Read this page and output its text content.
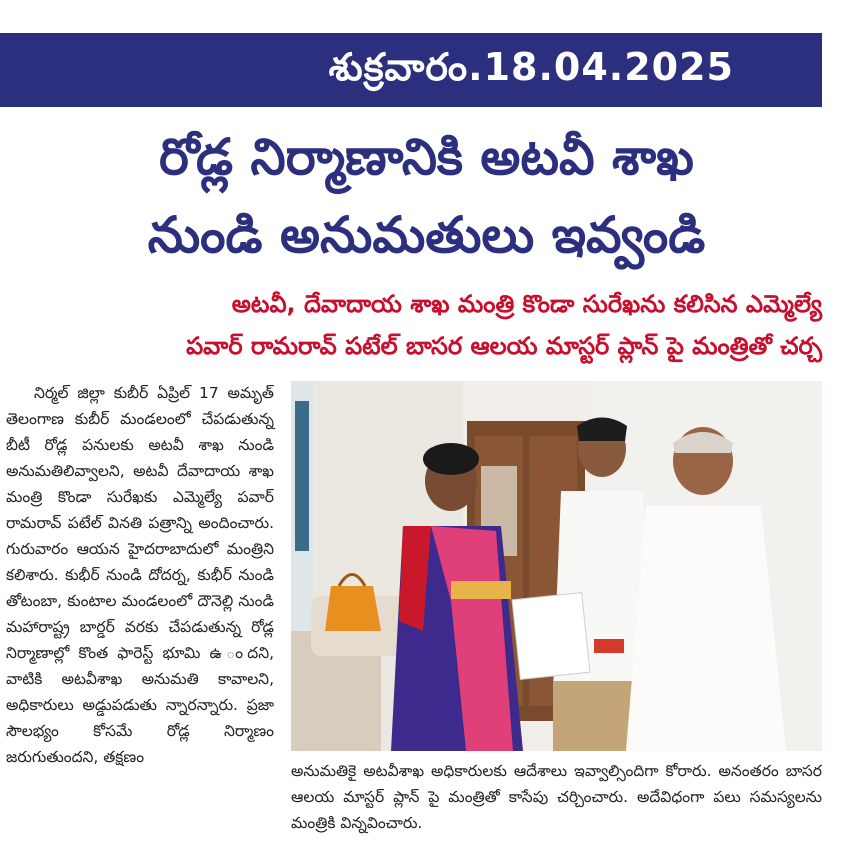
శుక్రవారం.18.04.2025
రోడ్ల నిర్మాణానికి అటవీ శాఖ
నుండి అనుమతులు ఇవ్వండి
అటవీ, దేవాదాయ శాఖ మంత్రి కొండా సురేఖను కలిసిన ఎమ్మెల్యే
పవార్ రామరావ్ పటేల్ బాసర ఆలయ మాస్టర్ ప్లాన్ పై మంత్రితో చర్చ

నిర్మల్ జిల్లా కుబీర్ ఏప్రిల్ 17 అమృత్ తెలంగాణ కుబీర్ మండలంలో చేపడుతున్న బీటీ రోడ్ల పనులకు అటవీ శాఖ నుండి అనుమతిలివ్వాలని, అటవీ దేవాదాయ శాఖ మంత్రి కొండా సురేఖకు ఎమ్మెల్యే పవార్ రామరావ్ పటేల్ వినతి పత్రాన్ని అందించారు. గురువారం ఆయన హైదరాబాదులో మంత్రిని కలిశారు. కుభీర్ నుండి దోదర్న, కుభీర్ నుండి తోటంబా, కుంటాల మండలంలో దౌనెల్లి నుండి మహారాష్ట్ర బార్డర్ వరకు చేపడుతున్న రోడ్ల నిర్మాణాల్లో కొంత ఫారెస్ట్ భూమి ఉ ందని, వాటికి అటవీశాఖ అనుమతి కావాలని, అధికారులు అడ్డుపడుతు న్నారన్నారు. ప్రజా సౌలభ్యం కోసమే రోడ్ల నిర్మాణం జరుగుతుందని, తక్షణం

అనుమతికై అటవీశాఖ అధికారులకు ఆదేశాలు ఇవ్వాల్సిందిగా కోరారు. అనంతరం బాసర ఆలయ మాస్టర్ ప్లాన్ పై మంత్రితో కాసేపు చర్చించారు. అదేవిధంగా పలు సమస్యలను మంత్రికి విన్నవించారు.
